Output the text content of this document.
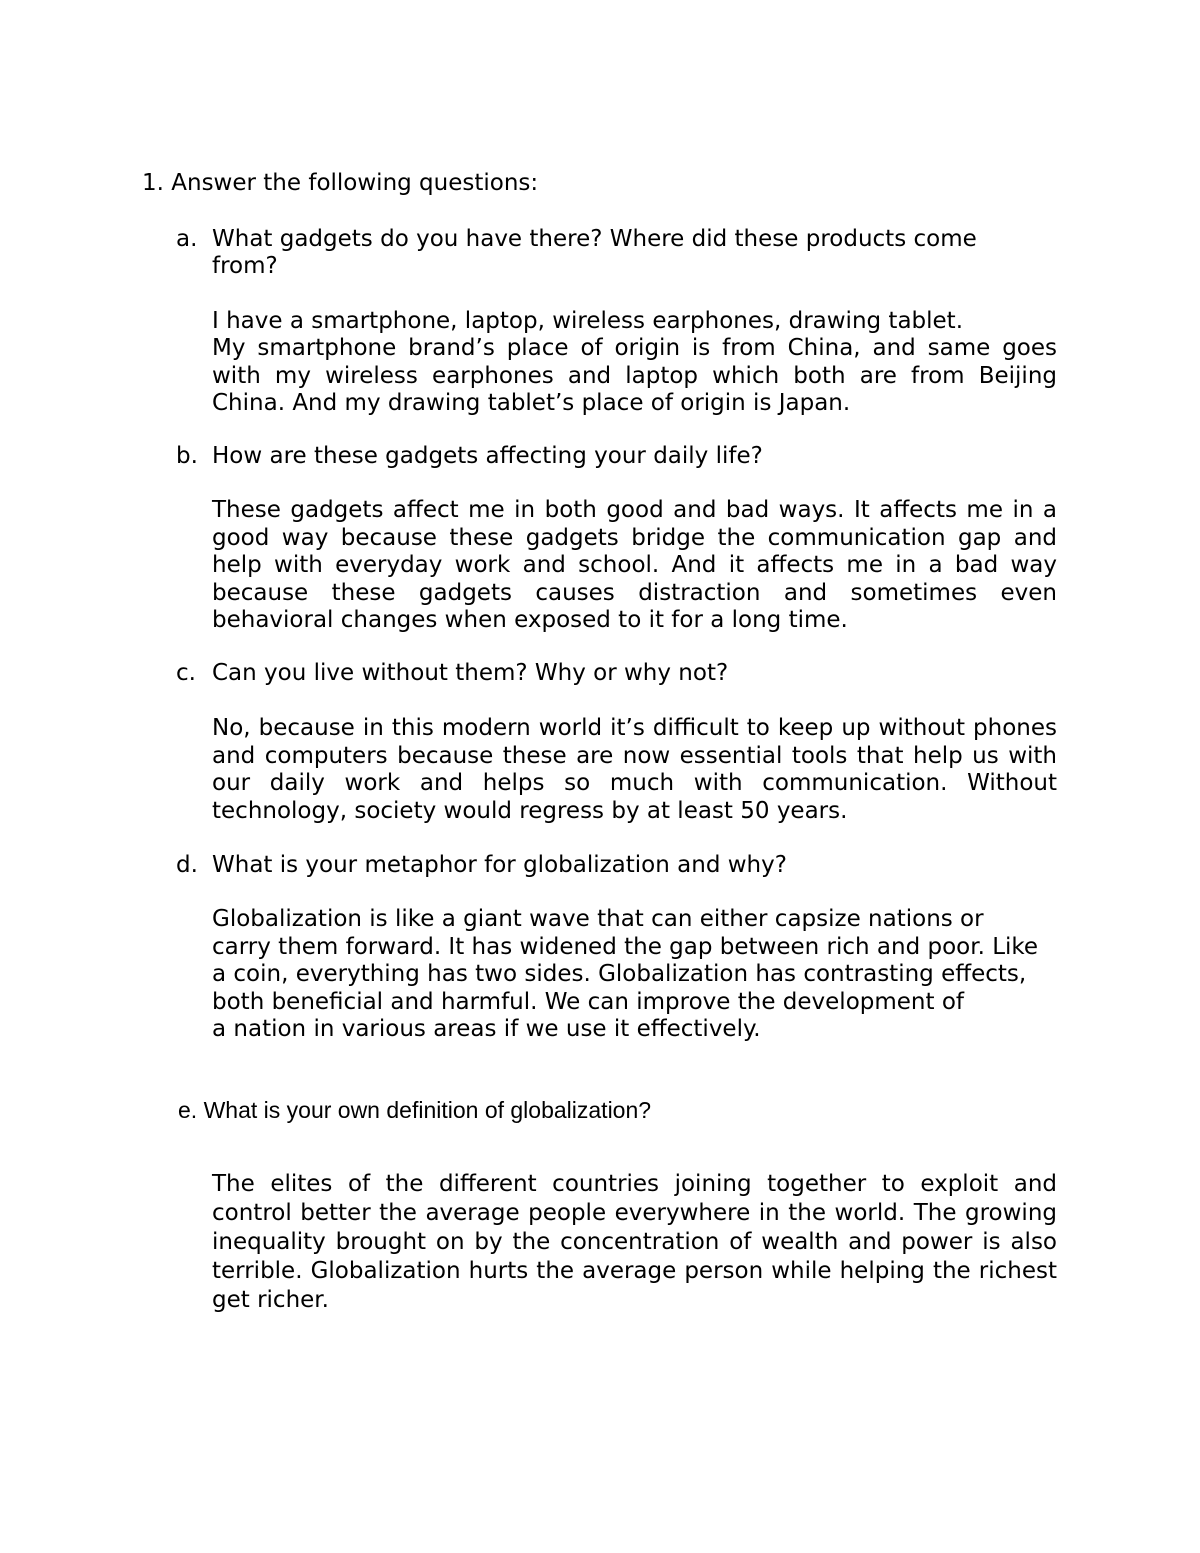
1. Answer the following questions:
a. What gadgets do you have there? Where did these products come from?
I have a smartphone, laptop, wireless earphones, drawing tablet.
My smartphone brand’s place of origin is from China, and same goes with my wireless earphones and laptop which both are from Beijing China. And my drawing tablet’s place of origin is Japan.
b. How are these gadgets affecting your daily life?
These gadgets affect me in both good and bad ways. It affects me in a good way because these gadgets bridge the communication gap and help with everyday work and school. And it affects me in a bad way because these gadgets causes distraction and sometimes even behavioral changes when exposed to it for a long time.
c. Can you live without them? Why or why not?
No, because in this modern world it’s difficult to keep up without phones and computers because these are now essential tools that help us with our daily work and helps so much with communication. Without technology, society would regress by at least 50 years.
d. What is your metaphor for globalization and why?

Globalization is like a giant wave that can either capsize nations or

carry them forward. It has widened the gap between rich and poor. Like

a coin, everything has two sides. Globalization has contrasting effects,

both beneficial and harmful. We can improve the development of

a nation in various areas if we use it effectively.

e. What is your own definition of globalization?
The elites of the different countries joining together to exploit and control better the average people everywhere in the world. The growing inequality brought on by the concentration of wealth and power is also terrible. Globalization hurts the average person while helping the richest get richer.
